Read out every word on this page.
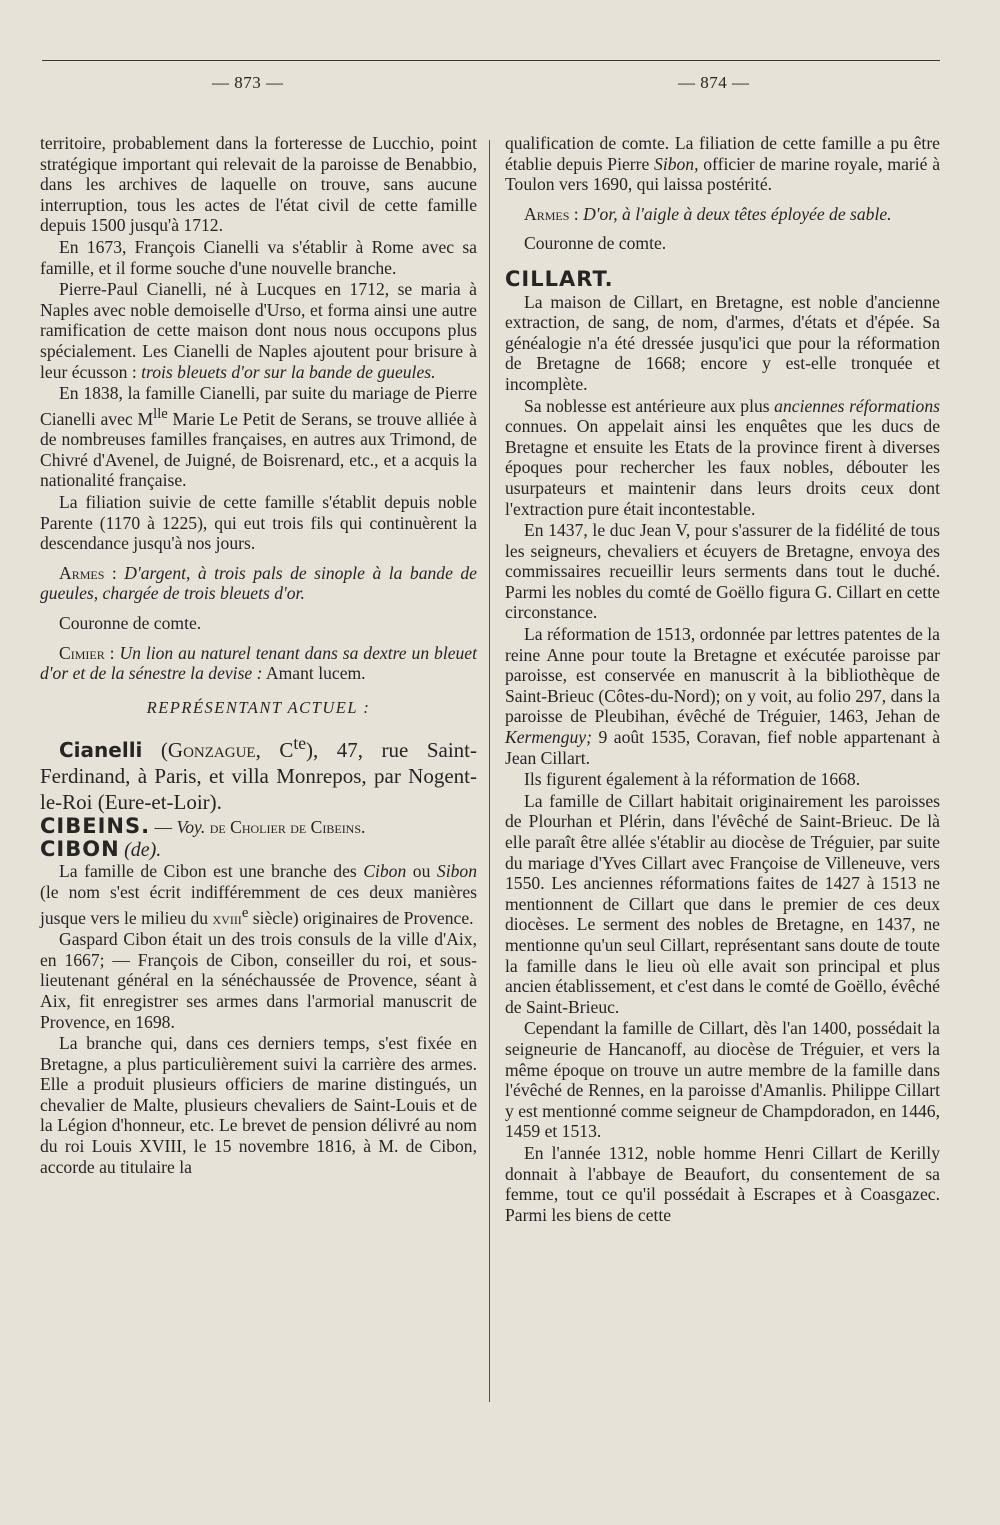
— 873 —	— 874 —

territoire, probablement dans la forteresse de Lucchio, point stratégique important qui relevait de la paroisse de Benabbio, dans les archives de laquelle on trouve, sans aucune interruption, tous les actes de l'état civil de cette famille depuis 1500 jusqu'à 1712.

En 1673, François Cianelli va s'établir à Rome avec sa famille, et il forme souche d'une nouvelle branche.

Pierre-Paul Cianelli, né à Lucques en 1712, se maria à Naples avec noble demoiselle d'Urso, et forma ainsi une autre ramification de cette maison dont nous nous occupons plus spécialement. Les Cianelli de Naples ajoutent pour brisure à leur écusson : trois bleuets d'or sur la bande de gueules.

En 1838, la famille Cianelli, par suite du mariage de Pierre Cianelli avec $M^{lle}$ Marie Le Petit de Serans, se trouve alliée à de nombreuses familles françaises, en autres aux Trimond, de Chivré d'Avenel, de Juigné, de Boisrenard, etc., et a acquis la nationalité française.

La filiation suivie de cette famille s'établit depuis noble Parente (1170 à 1225), qui eut trois fils qui continuèrent la descendance jusqu'à nos jours.

Armes : D'argent, à trois pals de sinople à la bande de gueules, chargée de trois bleuets d'or.

Couronne de comte.

Cimier : Un lion au naturel tenant dans sa dextre un bleuet d'or et de la sénestre la devise : Amant lucem.

REPRÉSENTANT ACTUEL :

Cianelli (Gonzague, $C^{te}$), 47, rue Saint-Ferdinand, à Paris, et villa Monrepos, par Nogent-le-Roi (Eure-et-Loir).

CIBEINS. — Voy. de Cholier de Cibeins.

CIBON (de).

La famille de Cibon est une branche des Cibon ou Sibon (le nom s'est écrit indifféremment de ces deux manières jusque vers le milieu du xviii$^e$ siècle) originaires de Provence.

Gaspard Cibon était un des trois consuls de la ville d'Aix, en 1667; — François de Cibon, conseiller du roi, et sous-lieutenant général en la sénéchaussée de Provence, séant à Aix, fit enregistrer ses armes dans l'armorial manuscrit de Provence, en 1698.

La branche qui, dans ces derniers temps, s'est fixée en Bretagne, a plus particulièrement suivi la carrière des armes. Elle a produit plusieurs officiers de marine distingués, un chevalier de Malte, plusieurs chevaliers de Saint-Louis et de la Légion d'honneur, etc. Le brevet de pension délivré au nom du roi Louis XVIII, le 15 novembre 1816, à M. de Cibon, accorde au titulaire la

qualification de comte. La filiation de cette famille a pu être établie depuis Pierre Sibon, officier de marine royale, marié à Toulon vers 1690, qui laissa postérité.

Armes : D'or, à l'aigle à deux têtes éployée de sable.

Couronne de comte.

CILLART.

La maison de Cillart, en Bretagne, est noble d'ancienne extraction, de sang, de nom, d'armes, d'états et d'épée. Sa généalogie n'a été dressée jusqu'ici que pour la réformation de Bretagne de 1668; encore y est-elle tronquée et incomplète.

Sa noblesse est antérieure aux plus anciennes réformations connues. On appelait ainsi les enquêtes que les ducs de Bretagne et ensuite les Etats de la province firent à diverses époques pour rechercher les faux nobles, débouter les usurpateurs et maintenir dans leurs droits ceux dont l'extraction pure était incontestable.

En 1437, le duc Jean V, pour s'assurer de la fidélité de tous les seigneurs, chevaliers et écuyers de Bretagne, envoya des commissaires recueillir leurs serments dans tout le duché. Parmi les nobles du comté de Goëllo figura G. Cillart en cette circonstance.

La réformation de 1513, ordonnée par lettres patentes de la reine Anne pour toute la Bretagne et exécutée paroisse par paroisse, est conservée en manuscrit à la bibliothèque de Saint-Brieuc (Côtes-du-Nord); on y voit, au folio 297, dans la paroisse de Pleubihan, évêché de Tréguier, 1463, Jehan de Kermenguy; 9 août 1535, Coravan, fief noble appartenant à Jean Cillart.

Ils figurent également à la réformation de 1668.

La famille de Cillart habitait originairement les paroisses de Plourhan et Plérin, dans l'évêché de Saint-Brieuc. De là elle paraît être allée s'établir au diocèse de Tréguier, par suite du mariage d'Yves Cillart avec Françoise de Villeneuve, vers 1550. Les anciennes réformations faites de 1427 à 1513 ne mentionnent de Cillart que dans le premier de ces deux diocèses. Le serment des nobles de Bretagne, en 1437, ne mentionne qu'un seul Cillart, représentant sans doute de toute la famille dans le lieu où elle avait son principal et plus ancien établissement, et c'est dans le comté de Goëllo, évêché de Saint-Brieuc.

Cependant la famille de Cillart, dès l'an 1400, possédait la seigneurie de Hancanoff, au diocèse de Tréguier, et vers la même époque on trouve un autre membre de la famille dans l'évêché de Rennes, en la paroisse d'Amanlis. Philippe Cillart y est mentionné comme seigneur de Champdoradon, en 1446, 1459 et 1513.

En l'année 1312, noble homme Henri Cillart de Kerilly donnait à l'abbaye de Beaufort, du consentement de sa femme, tout ce qu'il possédait à Escrapes et à Coasgazec. Parmi les biens de cette
